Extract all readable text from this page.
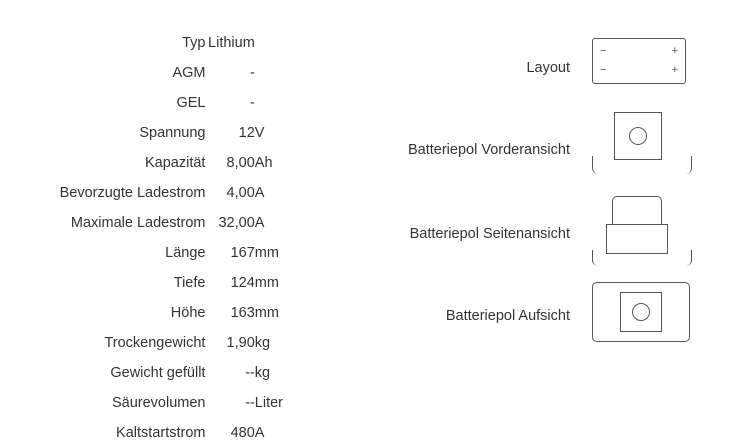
Typ	Lithium	
AGM	-	
GEL	-	
Spannung	12	V
Kapazität	8,00	Ah
Bevorzugte Ladestrom	4,00	A
Maximale Ladestrom	32,00	A
Länge	167	mm
Tiefe	124	mm
Höhe	163	mm
Trockengewicht	1,90	kg
Gewicht gefüllt	--	kg
Säurevolumen	--	Liter
Kaltstartstrom	480	A
Layout
−	+
−	+
Batteriepol Vorderansicht
Batteriepol Seitenansicht
Batteriepol Aufsicht
